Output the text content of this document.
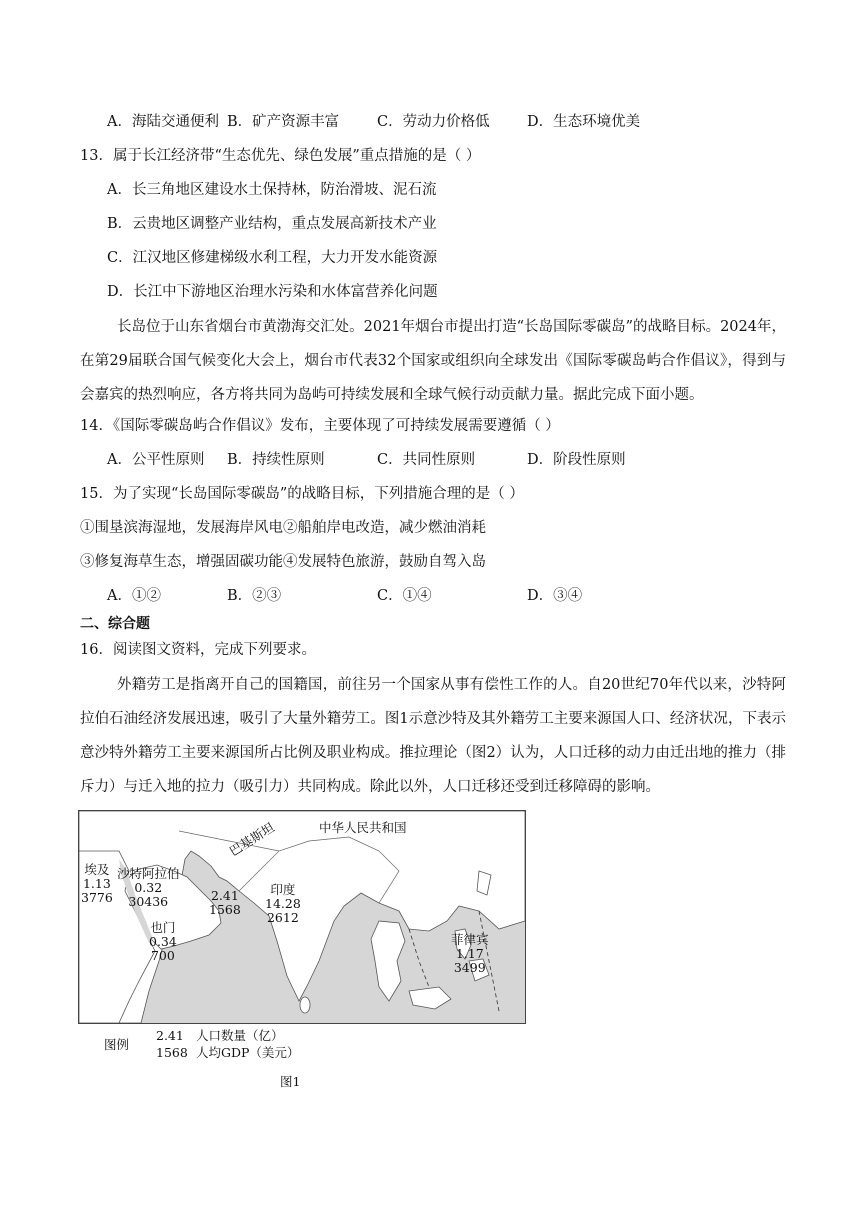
A．海陆交通便利 B．矿产资源丰富	C．劳动力价格低	D．生态环境优美
13．属于长江经济带“生态优先、绿色发展”重点措施的是（ ）
A．长三角地区建设水土保持林，防治滑坡、泥石流
B．云贵地区调整产业结构，重点发展高新技术产业
C．江汉地区修建梯级水利工程，大力开发水能资源
D．长江中下游地区治理水污染和水体富营养化问题
长岛位于山东省烟台市黄渤海交汇处。2021年烟台市提出打造“长岛国际零碳岛”的战略目标。2024年，在第29届联合国气候变化大会上，烟台市代表32个国家或组织向全球发出《国际零碳岛屿合作倡议》，得到与会嘉宾的热烈响应，各方将共同为岛屿可持续发展和全球气候行动贡献力量。据此完成下面小题。
14．《国际零碳岛屿合作倡议》发布，主要体现了可持续发展需要遵循（ ）
A．公平性原则 B．持续性原则	C．共同性原则	D．阶段性原则
15．为了实现“长岛国际零碳岛”的战略目标，下列措施合理的是（ ）
①围垦滨海湿地，发展海岸风电②船舶岸电改造，减少燃油消耗
③修复海草生态，增强固碳功能④发展特色旅游，鼓励自驾入岛
A．①②	B．②③	C．①④	D．③④
二、综合题
16．阅读图文资料，完成下列要求。
外籍劳工是指离开自己的国籍国，前往另一个国家从事有偿性工作的人。自20世纪70年代以来，沙特阿拉伯石油经济发展迅速，吸引了大量外籍劳工。图1示意沙特及其外籍劳工主要来源国人口、经济状况，下表示意沙特外籍劳工主要来源国所占比例及职业构成。推拉理论（图2）认为，人口迁移的动力由迁出地的推力（排斥力）与迁入地的拉力（吸引力）共同构成。除此以外，人口迁移还受到迁移障碍的影响。
中华人民共和国
埃及
1.13
3776
沙特阿拉伯
0.32
30436
巴基斯坦
2.41
1568
印度
14.28
2612
也门
0.34
700
菲律宾
1.17
3499
图例
2.41 人口数量（亿）
1568 人均GDP（美元）
图1
